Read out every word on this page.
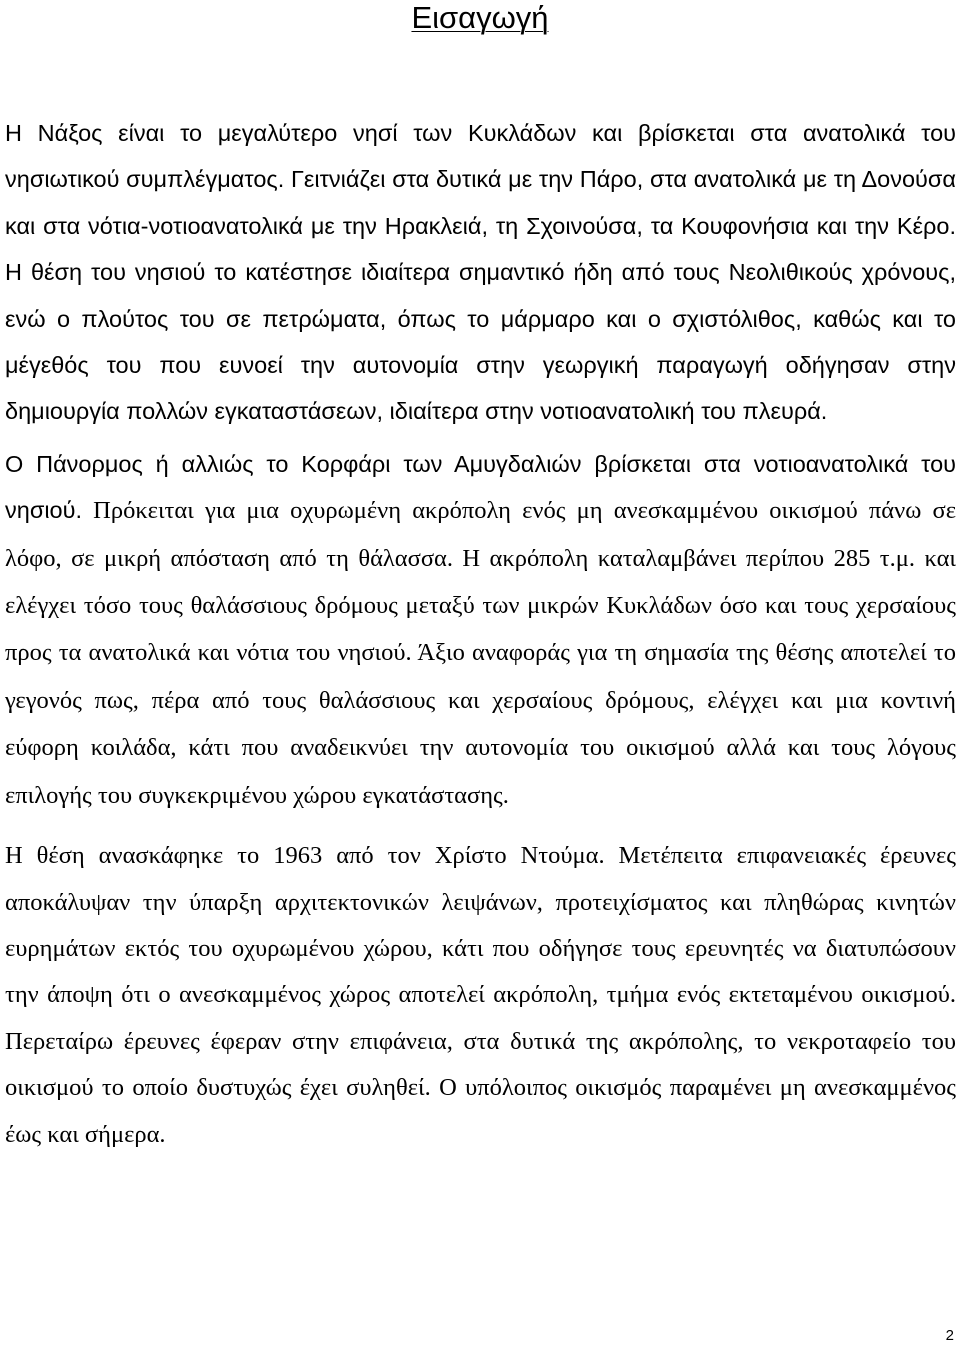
Εισαγωγή

Η Νάξος είναι το μεγαλύτερο νησί των Κυκλάδων και βρίσκεται στα ανατολικά του νησιωτικού συμπλέγματος. Γειτνιάζει στα δυτικά με την Πάρο, στα ανατολικά με τη Δονούσα και στα νότια-νοτιοανατολικά με την Ηρακλειά, τη Σχοινούσα, τα Κουφονήσια και την Κέρο. Η θέση του νησιού το κατέστησε ιδιαίτερα σημαντικό ήδη από τους Νεολιθικούς χρόνους, ενώ ο πλούτος του σε πετρώματα, όπως το μάρμαρο και ο σχιστόλιθος, καθώς και το μέγεθός του που ευνοεί την αυτονομία στην γεωργική παραγωγή οδήγησαν στην δημιουργία πολλών εγκαταστάσεων, ιδιαίτερα στην νοτιοανατολική του πλευρά.

Ο Πάνορμος ή αλλιώς το Κορφάρι των Αμυγδαλιών βρίσκεται στα νοτιοανατολικά του νησιού. Πρόκειται για μια οχυρωμένη ακρόπολη ενός μη ανεσκαμμένου οικισμού πάνω σε λόφο, σε μικρή απόσταση από τη θάλασσα. Η ακρόπολη καταλαμβάνει περίπου 285 τ.μ. και ελέγχει τόσο τους θαλάσσιους δρόμους μεταξύ των μικρών Κυκλάδων όσο και τους χερσαίους προς τα ανατολικά και νότια του νησιού. Άξιο αναφοράς για τη σημασία της θέσης αποτελεί το γεγονός πως, πέρα από τους θαλάσσιους και χερσαίους δρόμους, ελέγχει και μια κοντινή εύφορη κοιλάδα, κάτι που αναδεικνύει την αυτονομία του οικισμού αλλά και τους λόγους επιλογής του συγκεκριμένου χώρου εγκατάστασης.

Η θέση ανασκάφηκε το 1963 από τον Χρίστο Ντούμα. Μετέπειτα επιφανειακές έρευνες αποκάλυψαν την ύπαρξη αρχιτεκτονικών λειψάνων, προτειχίσματος και πληθώρας κινητών ευρημάτων εκτός του οχυρωμένου χώρου, κάτι που οδήγησε τους ερευνητές να διατυπώσουν την άποψη ότι ο ανεσκαμμένος χώρος αποτελεί ακρόπολη, τμήμα ενός εκτεταμένου οικισμού. Περεταίρω έρευνες έφεραν στην επιφάνεια, στα δυτικά της ακρόπολης, το νεκροταφείο του οικισμού το οποίο δυστυχώς έχει συληθεί. Ο υπόλοιπος οικισμός παραμένει μη ανεσκαμμένος έως και σήμερα.

2
